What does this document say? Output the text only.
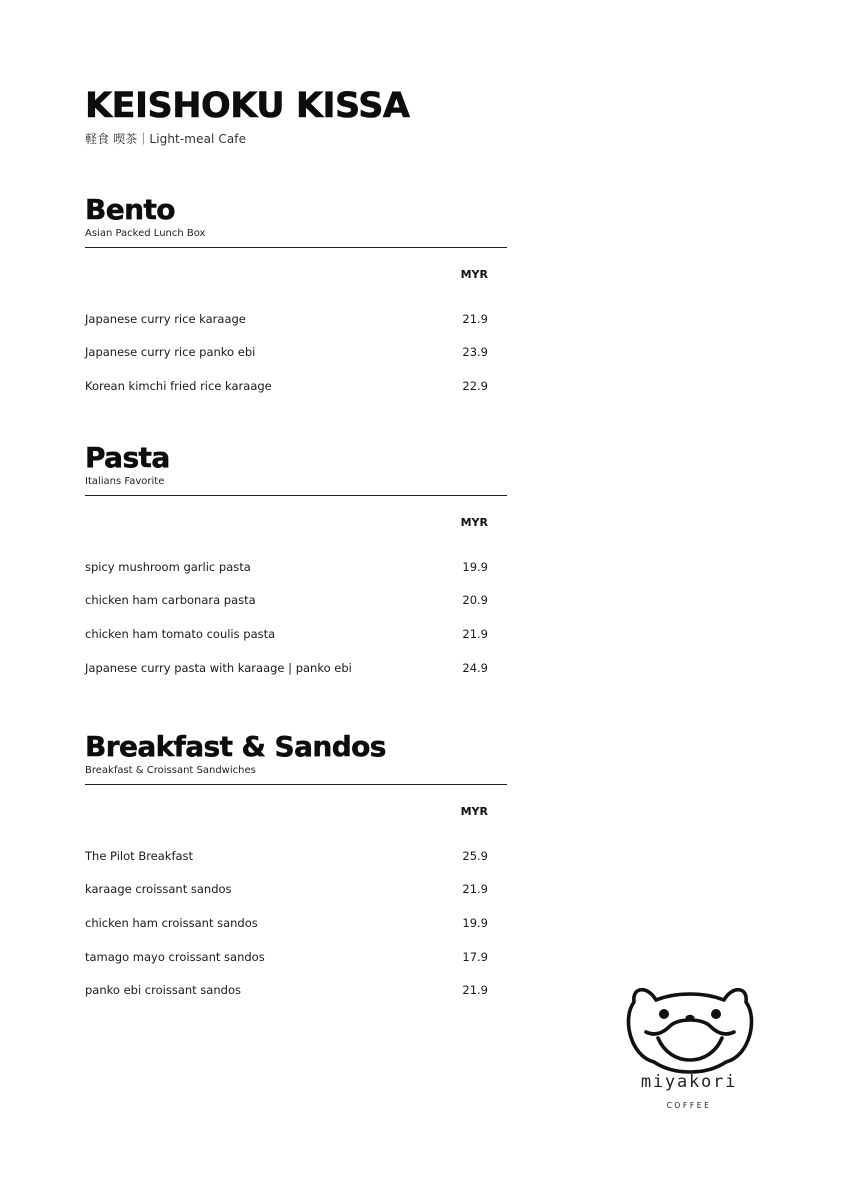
KEISHOKU KISSA
軽食 喫茶｜Light-meal Cafe
Bento
Asian Packed Lunch Box
MYR
Japanese curry rice karaage	21.9
Japanese curry rice panko ebi	23.9
Korean kimchi fried rice karaage	22.9
Pasta
Italians Favorite
MYR
spicy mushroom garlic pasta	19.9
chicken ham carbonara pasta	20.9
chicken ham tomato coulis pasta	21.9
Japanese curry pasta with karaage | panko ebi	24.9
Breakfast & Sandos
Breakfast & Croissant Sandwiches
MYR
The Pilot Breakfast	25.9
karaage croissant sandos	21.9
chicken ham croissant sandos	19.9
tamago mayo croissant sandos	17.9
panko ebi croissant sandos	21.9
miyakori
COFFEE
